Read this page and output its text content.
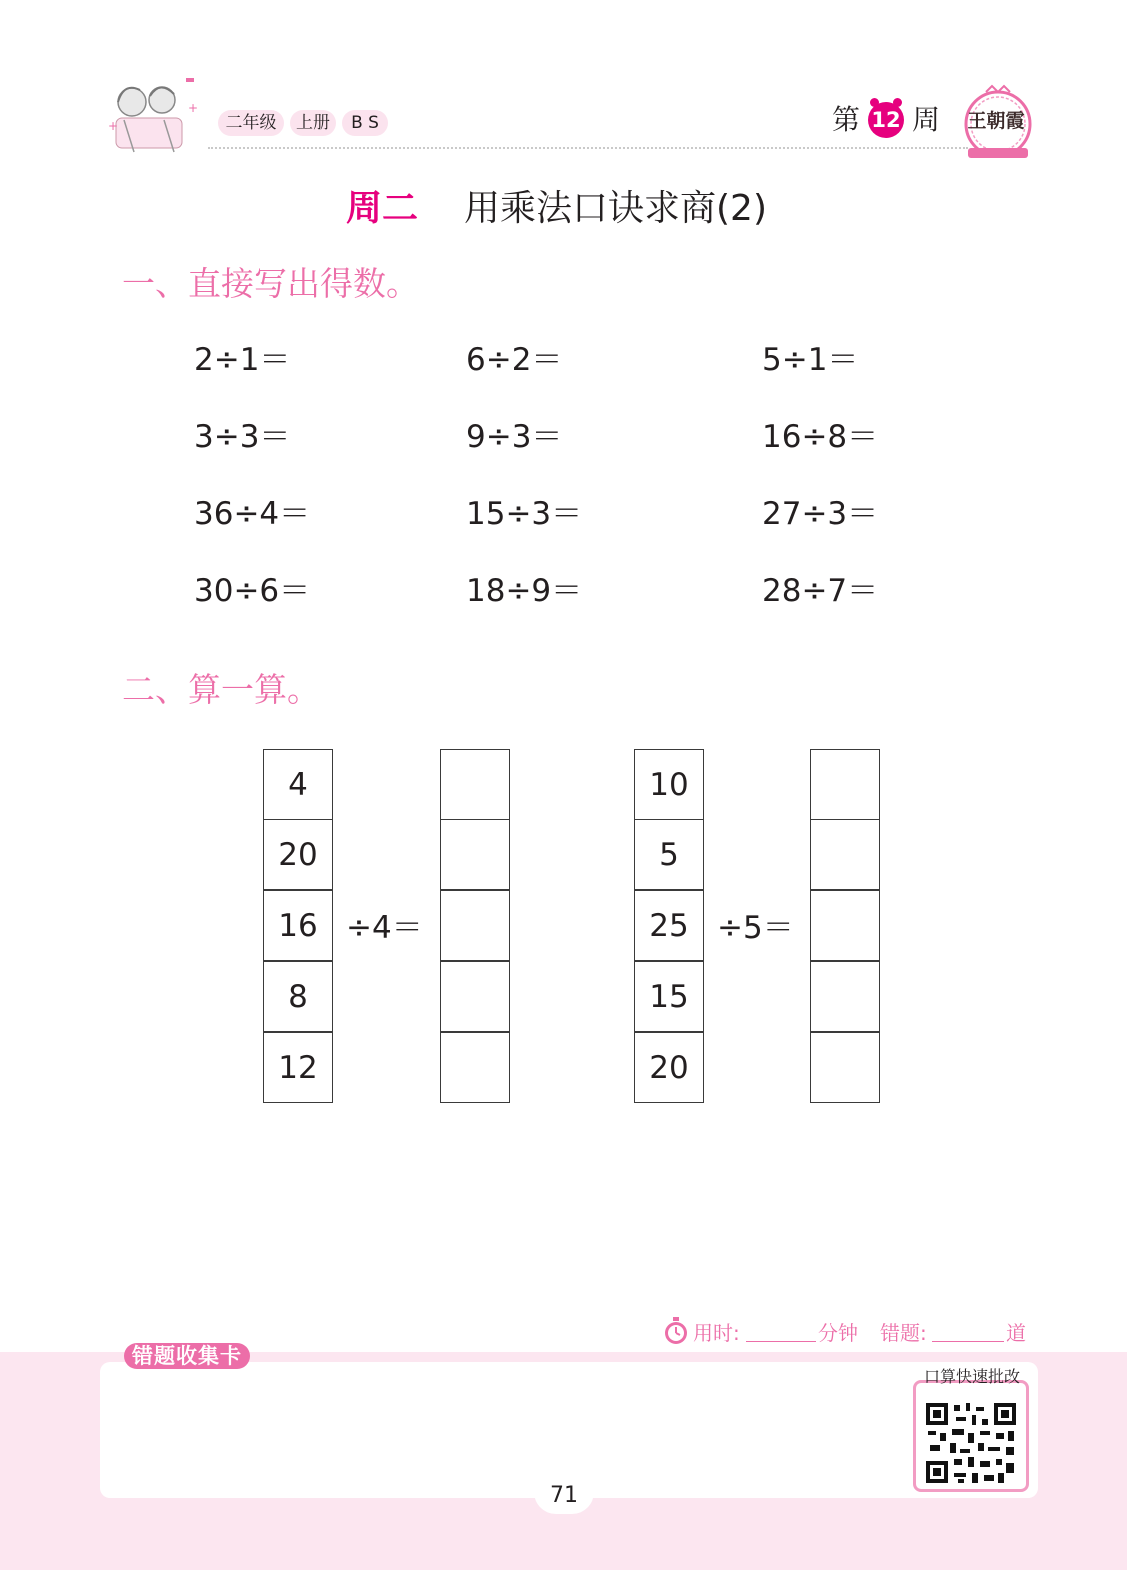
+
+
二年级	上册	B S	第 12 周 王朝霞
周二 用乘法口诀求商(2)
一、直接写出得数。
2÷1＝	6÷2＝	5÷1＝
3÷3＝	9÷3＝	16÷8＝
36÷4＝	15÷3＝	27÷3＝
30÷6＝	18÷9＝	28÷7＝
二、算一算。
4
20
16
8
12
÷4＝
10
5
25
15
20
÷5＝
用时:	分钟 错题:	道
错题收集卡
口算快速批改
71
